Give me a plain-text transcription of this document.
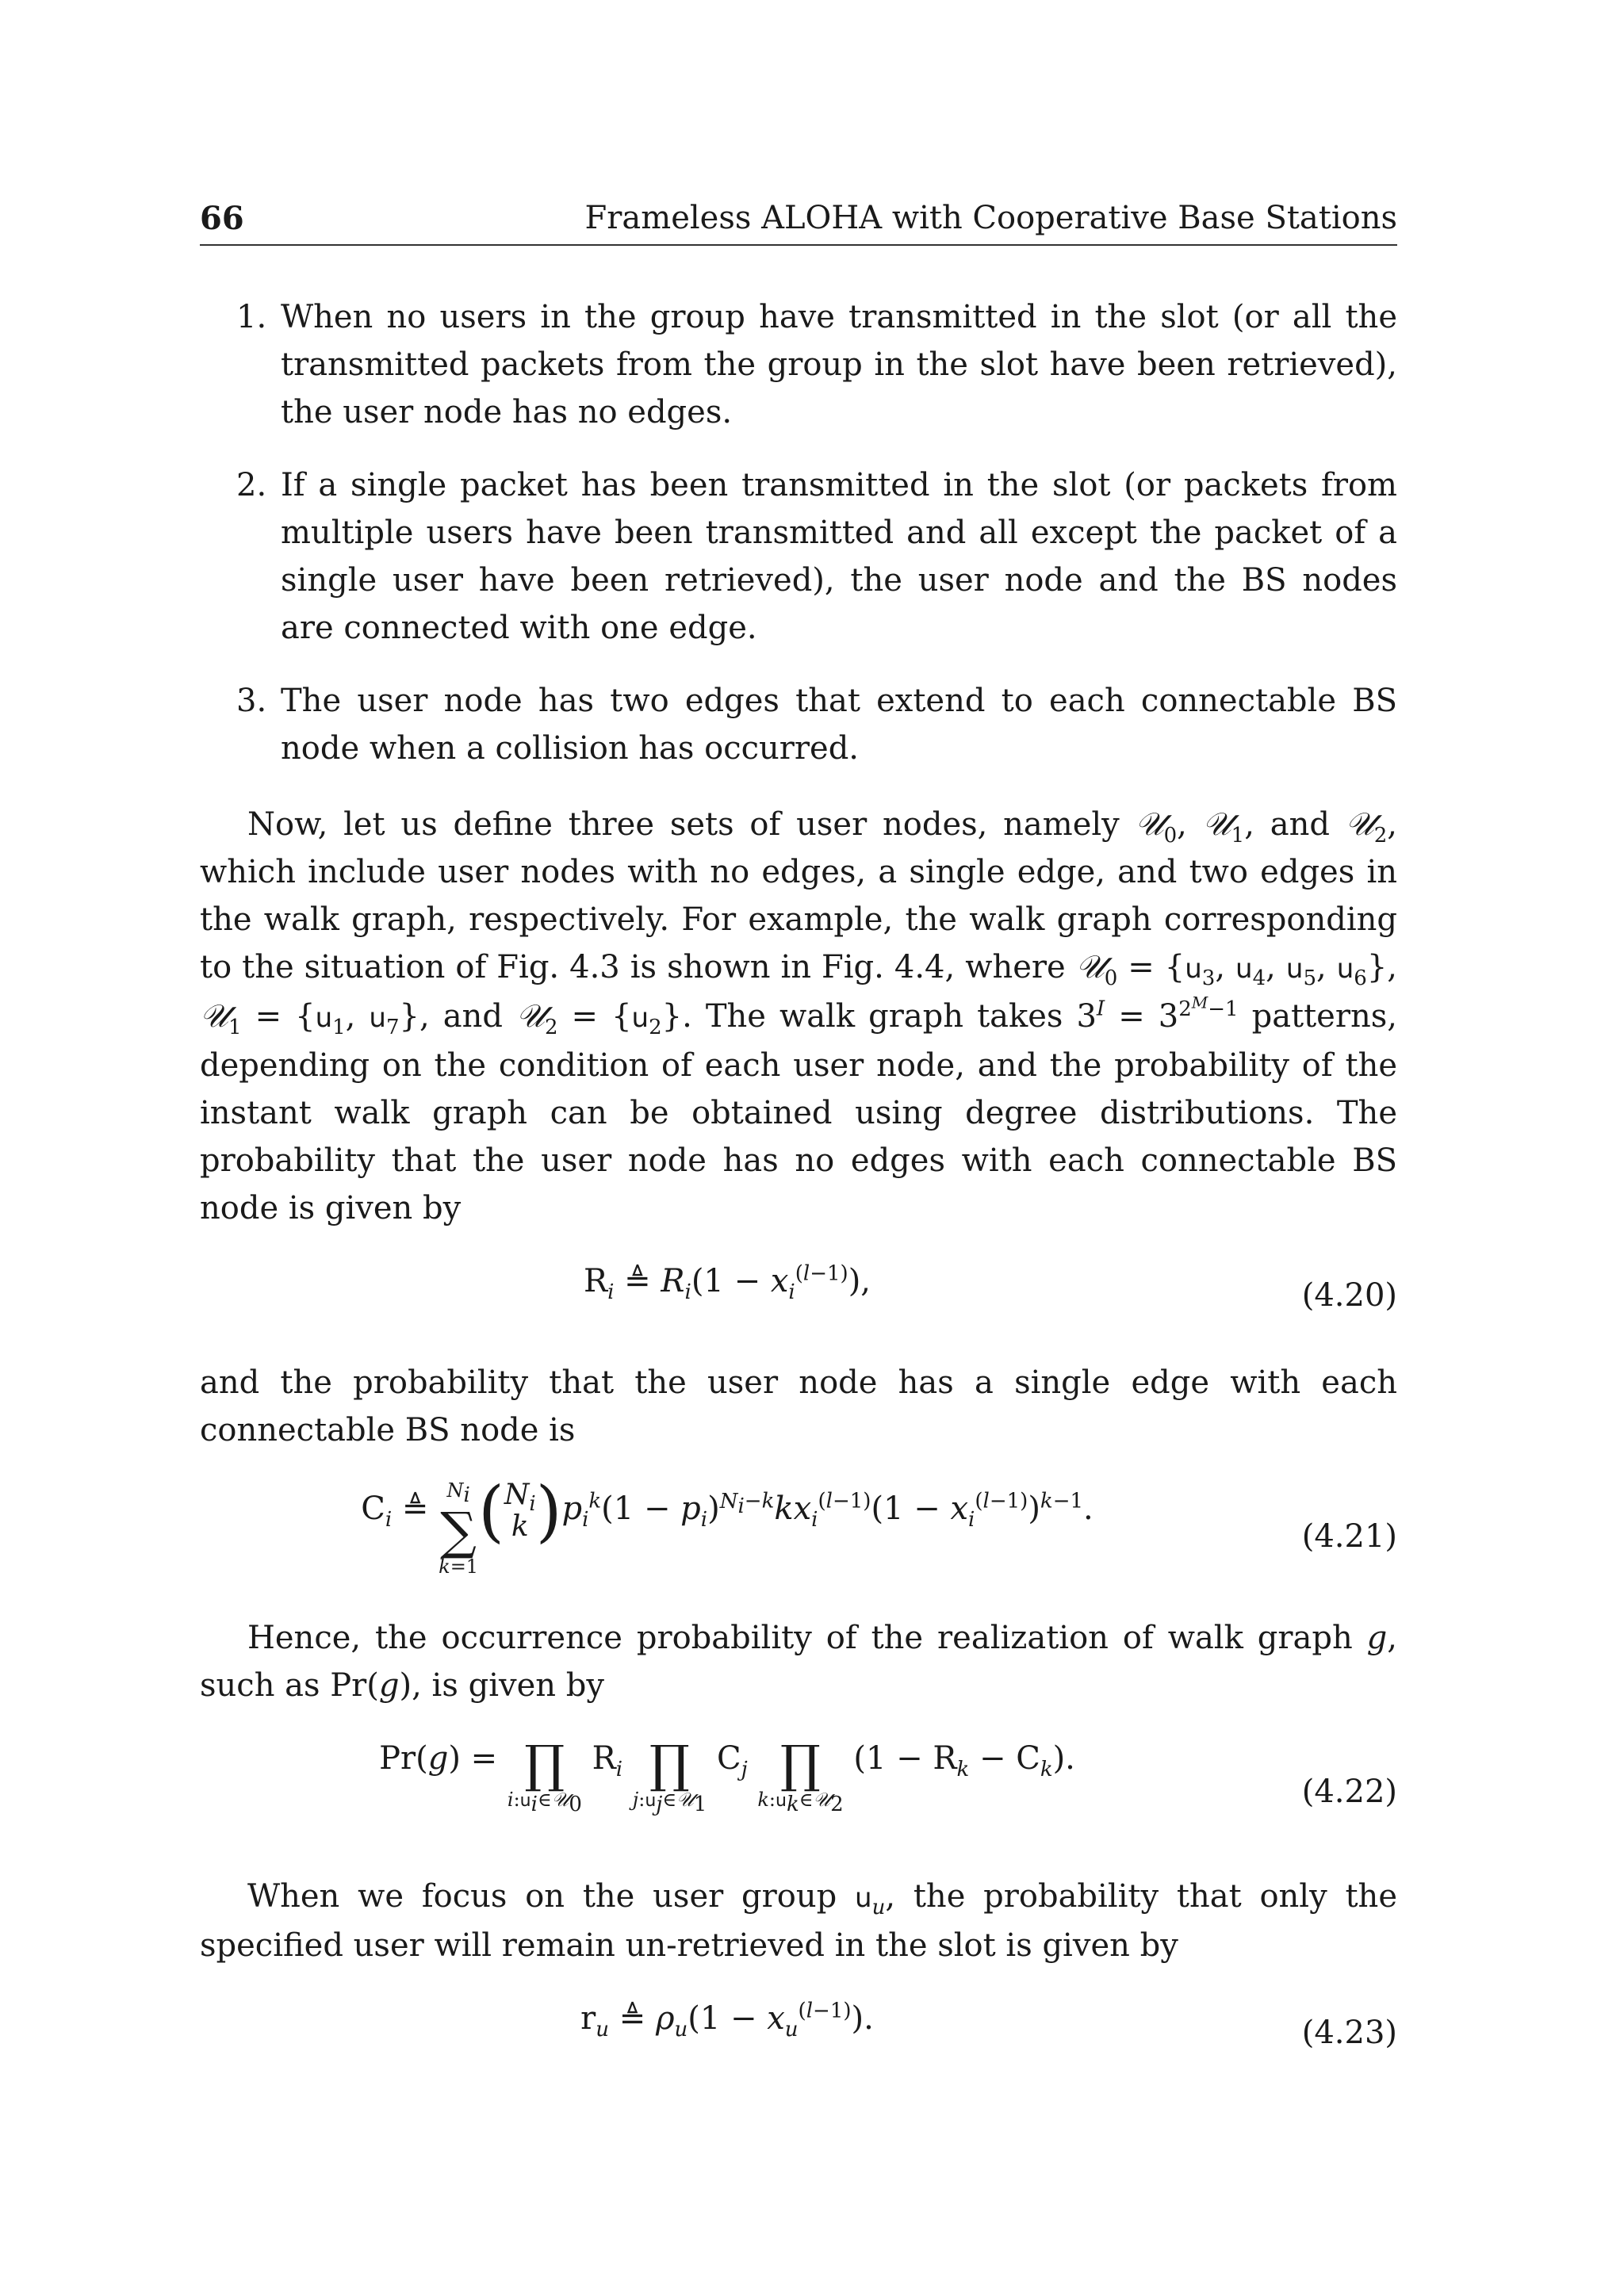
66	Frameless ALOHA with Cooperative Base Stations
1. When no users in the group have transmitted in the slot (or all the transmitted packets from the group in the slot have been retrieved), the user node has no edges.
2. If a single packet has been transmitted in the slot (or packets from multiple users have been transmitted and all except the packet of a single user have been retrieved), the user node and the BS nodes are connected with one edge.
3. The user node has two edges that extend to each connectable BS node when a collision has occurred.

Now, let us define three sets of user nodes, namely 𝒰$_0$, 𝒰$_1$, and 𝒰$_2$, which include user nodes with no edges, a single edge, and two edges in the walk graph, respectively. For example, the walk graph corresponding to the situation of Fig. 4.3 is shown in Fig. 4.4, where 𝒰$_0$ = {$u_3$, $u_4$, $u_5$, $u_6$}, 𝒰$_1$ = {$u_1$, $u_7$}, and 𝒰$_2$ = $\{u_2\}$. The walk graph takes $3^I = 3^{2^M-1}$ patterns, depending on the condition of each user node, and the probability of the instant walk graph can be obtained using degree distributions. The probability that the user node has no edges with each connectable BS node is given by

$R_i$ ≜ $R_i(1 - x_i^{(l-1)})$,	(4.20)

and the probability that the user node has a single edge with each connectable BS node is

$C_i$ ≜ $N_i$
∑
k=1
($N_i$
k )$p_i^k(1 - p_i)^{N_i-k}kx_i^{(l-1)}(1 - x_i^{(l-1)})^{k-1}$.
(4.21)

Hence, the occurrence probability of the realization of walk graph g, such as Pr(g), is given by

Pr(g) = ∏
$i:u_i\in 𝒰_0$
$R_i$ ∏
$j:u_j\in 𝒰_1$
$C_j$ ∏
$k:u_k\in 𝒰_2$
$(1 - R_k - C_k)$.
(4.22)

When we focus on the user group $u_u$, the probability that only the specified user will remain un-retrieved in the slot is given by

$r_u$ ≜ $\rho_u(1 - x_u^{(l-1)})$.	(4.23)
